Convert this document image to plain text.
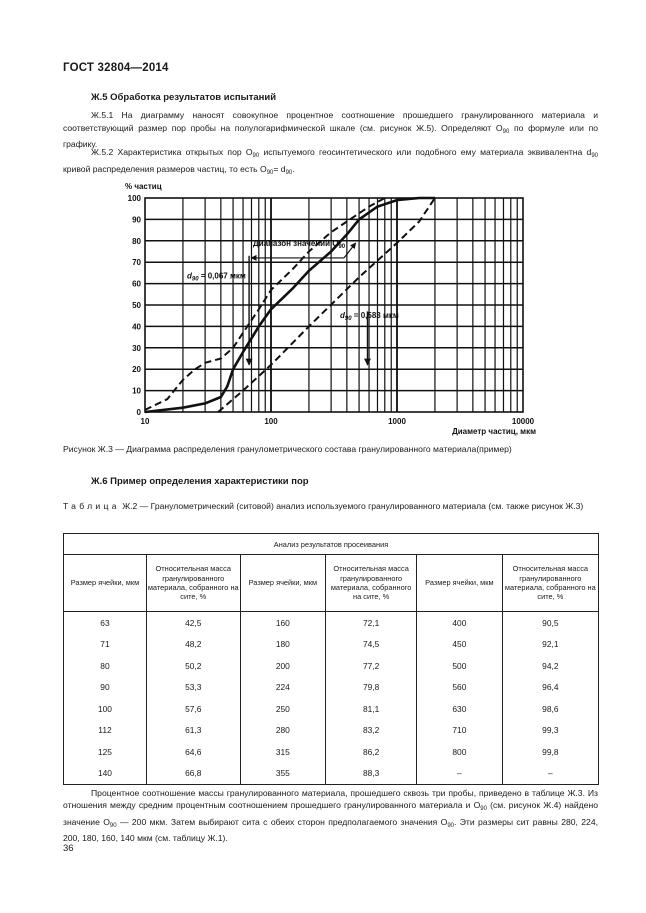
ГОСТ 32804—2014
Ж.5 Обработка результатов испытаний
Ж.5.1 На диаграмму наносят совокупное процентное соотношение прошедшего гранулированного материала и соответствующий размер пор пробы на полулогарифмической шкале (см. рисунок Ж.5). Определяют $O_{90}$ по формуле или по графику.
Ж.5.2 Характеристика открытых пор $O_{90}$ испытуемого геосинтетического или подобного ему материала эквивалентна $d_{90}$ кривой распределения размеров частиц, то есть $O_{90}= d_{90}$.
Диапазон значений $O_{90}$
$d_{90} = 0,067$ мкм
$d_{90} = 0,583$ мкм
0
10
20
30
40
50
60
70
80
90
100
10	100	1000	10000
% частиц
Диаметр частиц, мкм
Рисунок Ж.3 — Диаграмма распределения гранулометрического состава гранулированного материала(пример)
Ж.6 Пример определения характеристики пор
Таблица Ж.2 — Гранулометрический (ситовой) анализ используемого гранулированного материала (см. также рисунок Ж.3)
Анализ результатов просеивания					
Размер ячейки, мкм	Относительная масса гранулированного материала, собранного на сите, %	Размер ячейки, мкм	Относительная масса гранулированного материала, собранного на сите, %	Размер ячейки, мкм	Относительная масса гранулированного материала, собранного на сите, %
63	42,5	160	72,1	400	90,5
71	48,2	180	74,5	450	92,1
80	50,2	200	77,2	500	94,2
90	53,3	224	79,8	560	96,4
100	57,6	250	81,1	630	98,6
112	61,3	280	83,2	710	99,3
125	64,6	315	86,2	800	99,8
140	66,8	355	88,3	–	–
Процентное соотношение массы гранулированного материала, прошедшего сквозь три пробы, приведено в таблице Ж.3. Из отношения между средним процентным соотношением прошедшего гранулированного материала и $O_{90}$ (см. рисунок Ж.4) найдено значение $O_{90}$ — 200 мкм. Затем выбирают сита с обеих сторон предполагаемого значения $O_{90}$. Эти размеры сит равны 280, 224, 200, 180, 160, 140 мкм (см. таблицу Ж.1).
36
